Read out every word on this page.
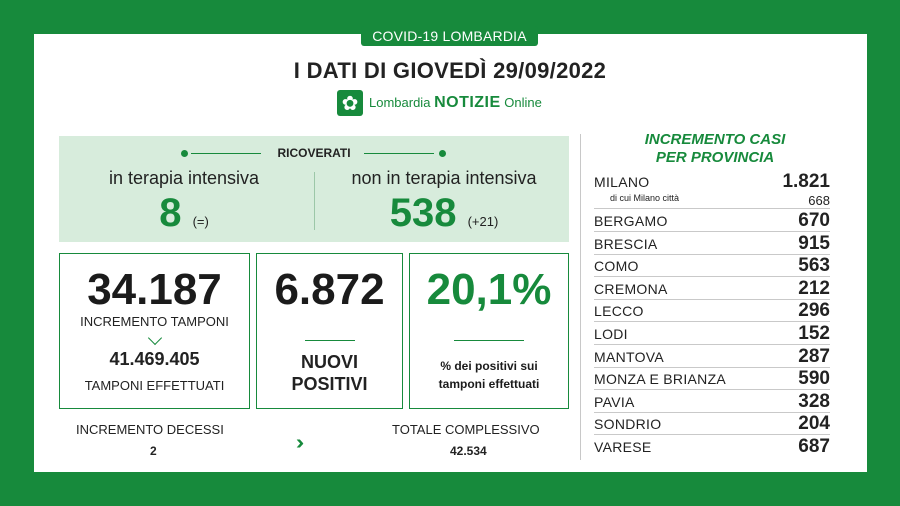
COVID-19 LOMBARDIA
I DATI DI GIOVEDÌ 29/09/2022
✿ Lombardia NOTIZIE Online
RICOVERATI
in terapia intensiva
8 (=)
non in terapia intensiva
538 (+21)
34.187
INCREMENTO TAMPONI
41.469.405
TAMPONI EFFETTUATI
6.872
NUOVI
POSITIVI
20,1%
% dei positivi sui
tamponi effettuati
INCREMENTO DECESSI
2	›››
TOTALE COMPLESSIVO
42.534
INCREMENTO CASI
PER PROVINCIA
MILANO	1.821
di cui Milano città	668
BERGAMO	670
BRESCIA	915
COMO	563
CREMONA	212
LECCO	296
LODI	152
MANTOVA	287
MONZA E BRIANZA	590
PAVIA	328
SONDRIO	204
VARESE	687
